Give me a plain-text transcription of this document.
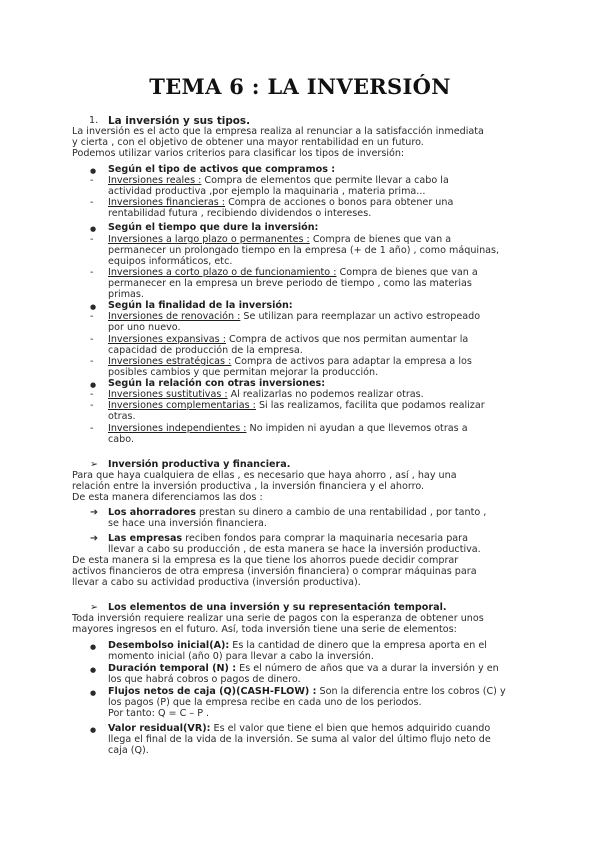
TEMA 6 : LA INVERSIÓN
1. La inversión y sus tipos.
La inversión es el acto que la empresa realiza al renunciar a la satisfacción inmediata
y cierta , con el objetivo de obtener una mayor rentabilidad en un futuro.
Podemos utilizar varios criterios para clasificar los tipos de inversión:
● Según el tipo de activos que compramos :
- Inversiones reales : Compra de elementos que permite llevar a cabo la
actividad productiva ,por ejemplo la maquinaria , materia prima...
- Inversiones financieras : Compra de acciones o bonos para obtener una
rentabilidad futura , recibiendo dividendos o intereses.
● Según el tiempo que dure la inversión:
- Inversiones a largo plazo o permanentes : Compra de bienes que van a
permanecer un prolongado tiempo en la empresa (+ de 1 año) , como máquinas,
equipos informáticos, etc.
- Inversiones a corto plazo o de funcionamiento : Compra de bienes que van a
permanecer en la empresa un breve periodo de tiempo , como las materias
primas.
● Según la finalidad de la inversión:
- Inversiones de renovación : Se utilizan para reemplazar un activo estropeado
por uno nuevo.
- Inversiones expansivas : Compra de activos que nos permitan aumentar la
capacidad de producción de la empresa.
- Inversiones estratégicas : Compra de activos para adaptar la empresa a los
posibles cambios y que permitan mejorar la producción.
● Según la relación con otras inversiones:
- Inversiones sustitutivas : Al realizarlas no podemos realizar otras.
- Inversiones complementarias : Si las realizamos, facilita que podamos realizar
otras.
- Inversiones independientes : No impiden ni ayudan a que llevemos otras a
cabo.
➢ Inversión productiva y financiera.
Para que haya cualquiera de ellas , es necesario que haya ahorro , así , hay una
relación entre la inversión productiva , la inversión financiera y el ahorro.
De esta manera diferenciamos las dos :
➔ Los ahorradores prestan su dinero a cambio de una rentabilidad , por tanto ,
se hace una inversión financiera.
➔ Las empresas reciben fondos para comprar la maquinaria necesaria para
llevar a cabo su producción , de esta manera se hace la inversión productiva.
De esta manera si la empresa es la que tiene los ahorros puede decidir comprar
activos financieros de otra empresa (inversión financiera) o comprar máquinas para
llevar a cabo su actividad productiva (inversión productiva).
➢ Los elementos de una inversión y su representación temporal.
Toda inversión requiere realizar una serie de pagos con la esperanza de obtener unos
mayores ingresos en el futuro. Así, toda inversión tiene una serie de elementos:
● Desembolso inicial(A): Es la cantidad de dinero que la empresa aporta en el
momento inicial (año 0) para llevar a cabo la inversión.
● Duración temporal (N) : Es el número de años que va a durar la inversión y en
los que habrá cobros o pagos de dinero.
● Flujos netos de caja (Q)(CASH-FLOW) : Son la diferencia entre los cobros (C) y
los pagos (P) que la empresa recibe en cada uno de los periodos.
Por tanto: Q = C – P .
● Valor residual(VR): Es el valor que tiene el bien que hemos adquirido cuando
llega el final de la vida de la inversión. Se suma al valor del último flujo neto de
caja (Q).
